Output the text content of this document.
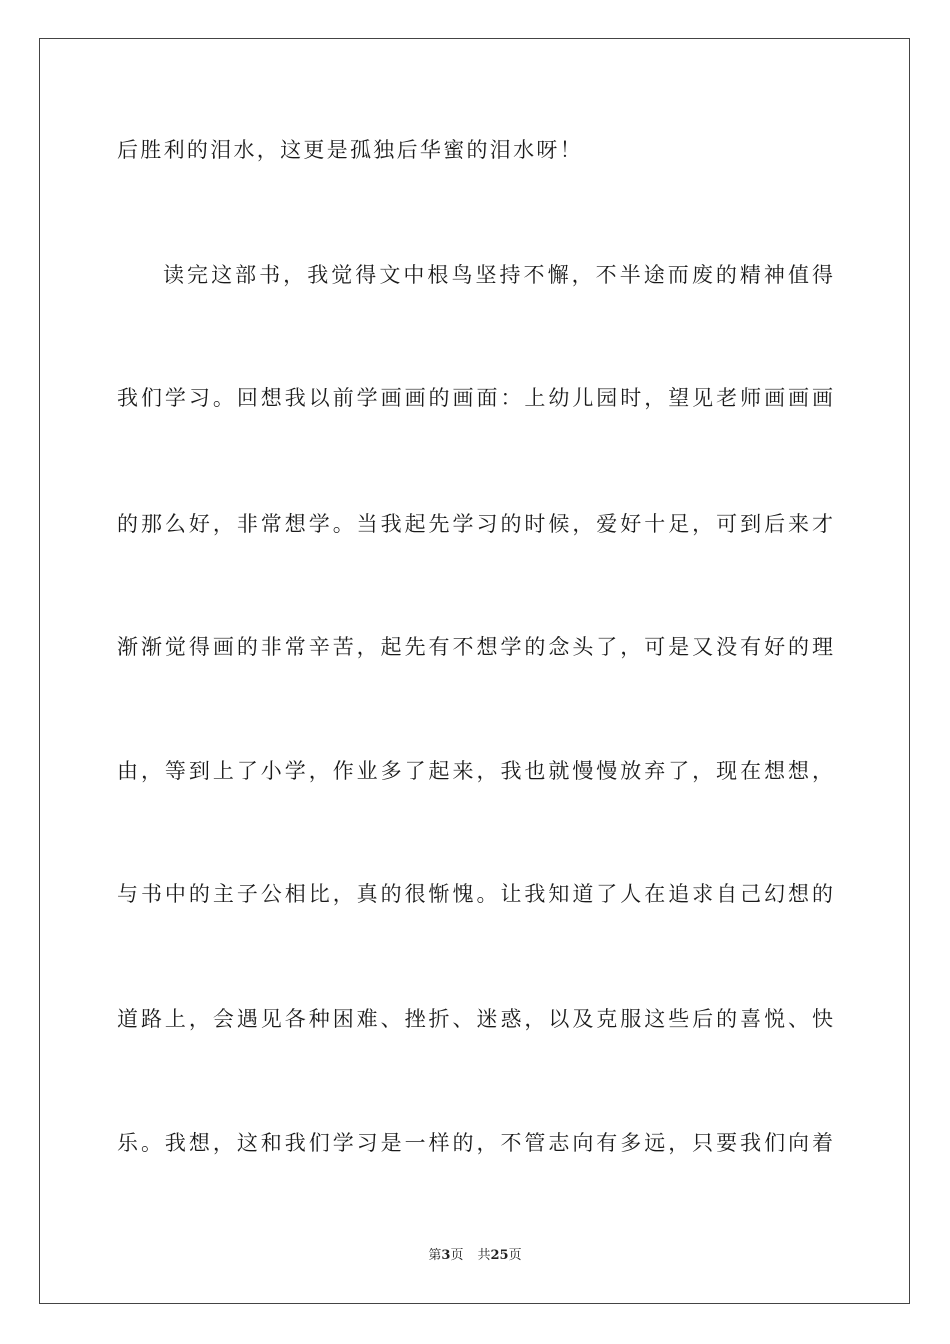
后胜利的泪水，这更是孤独后华蜜的泪水呀！
读完这部书，我觉得文中根鸟坚持不懈，不半途而废的精神值得
我们学习。回想我以前学画画的画面：上幼儿园时，望见老师画画画
的那么好，非常想学。当我起先学习的时候，爱好十足，可到后来才
渐渐觉得画的非常辛苦，起先有不想学的念头了，可是又没有好的理
由，等到上了小学，作业多了起来，我也就慢慢放弃了，现在想想，
与书中的主子公相比，真的很惭愧。让我知道了人在追求自己幻想的
道路上，会遇见各种困难、挫折、迷惑，以及克服这些后的喜悦、快
乐。我想，这和我们学习是一样的，不管志向有多远，只要我们向着
第3页 共25页
